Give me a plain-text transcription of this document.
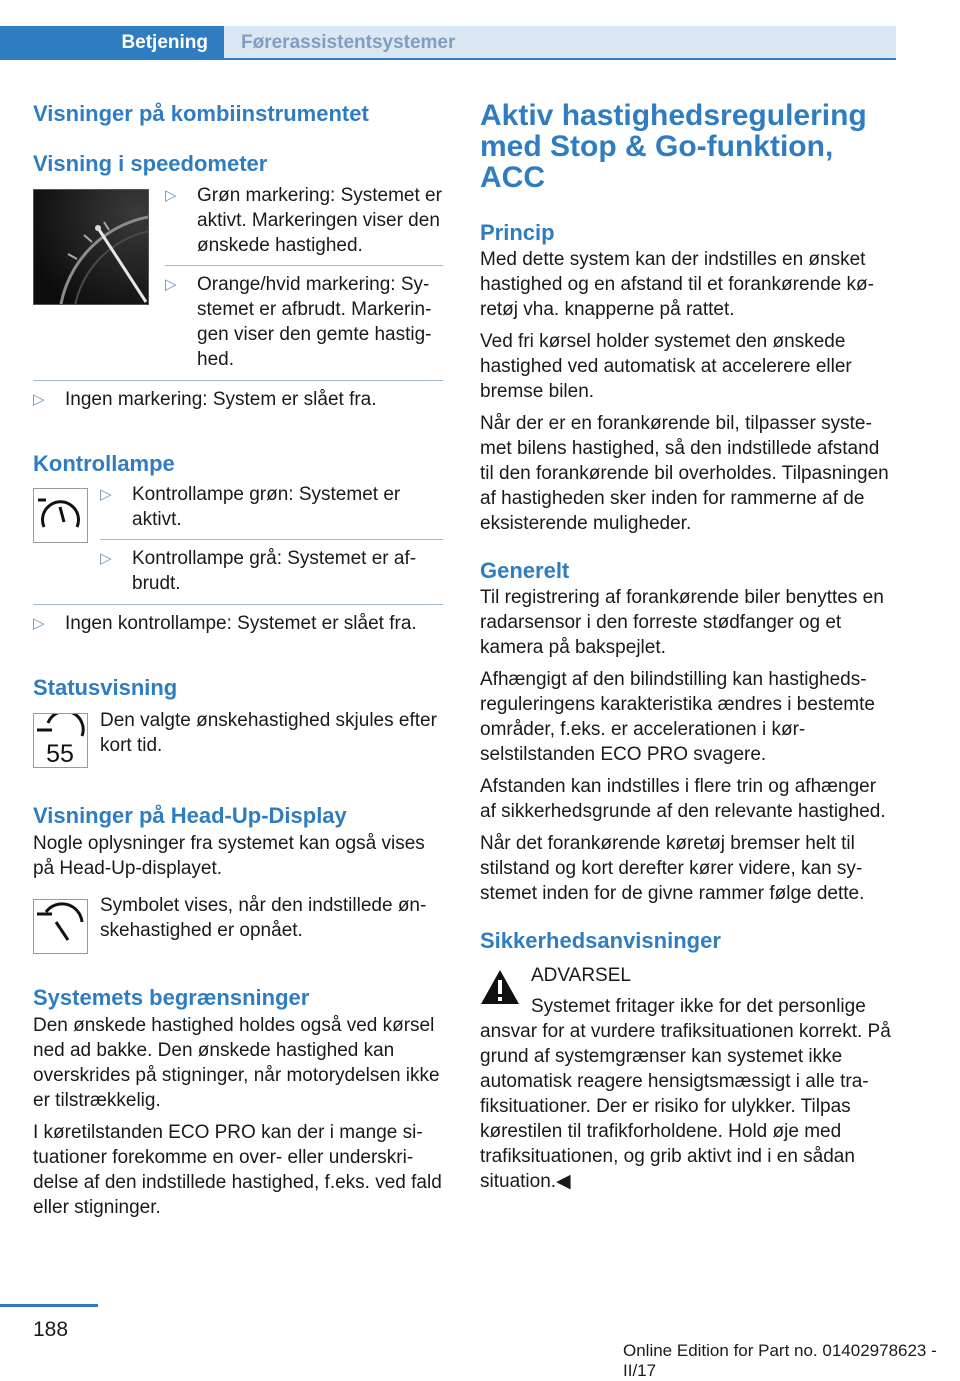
Betjening	Førerassistentsystemer
Visninger på kombiinstrumentet
Visning i speedometer
▷ Grøn markering: Systemet er aktivt. Markeringen viser den ønskede hastighed.
▷ Orange/hvid markering: Systemet er afbrudt. Markeringen viser den gemte hastighed.
▷ Ingen markering: System er slået fra.
Kontrollampe
▷ Kontrollampe grøn: Systemet er aktivt.
▷ Kontrollampe grå: Systemet er afbrudt.
▷ Ingen kontrollampe: Systemet er slået fra.
Statusvisning
55

Den valgte ønskehastighed skjules efter kort tid.

Visninger på Head-Up-Display

Nogle oplysninger fra systemet kan også vises på Head-Up-displayet.

Symbolet vises, når den indstillede ønskehastighed er opnået.

Systemets begrænsninger

Den ønskede hastighed holdes også ved kørsel ned ad bakke. Den ønskede hastighed kan overskrides på stigninger, når motorydelsen ikke er tilstrækkelig.

I køretilstanden ECO PRO kan der i mange situationer forekomme en over- eller underskridelse af den indstillede hastighed, f.eks. ved fald eller stigninger.

Aktiv hastighedsregulering med Stop & Go-funktion, ACC
Princip

Med dette system kan der indstilles en ønsket hastighed og en afstand til et forankørende køretøj vha. knapperne på rattet.

Ved fri kørsel holder systemet den ønskede hastighed ved automatisk at accelerere eller bremse bilen.

Når der er en forankørende bil, tilpasser systemet bilens hastighed, så den indstillede afstand til den forankørende bil overholdes. Tilpasningen af hastigheden sker inden for rammerne af de eksisterende muligheder.

Generelt

Til registrering af forankørende biler benyttes en radarsensor i den forreste stødfanger og et kamera på bakspejlet.

Afhængigt af den bilindstilling kan hastighedsreguleringens karakteristika ændres i bestemte områder, f.eks. er accelerationen i kørselstilstanden ECO PRO svagere.

Afstanden kan indstilles i flere trin og afhænger af sikkerhedsgrunde af den relevante hastighed.

Når det forankørende køretøj bremser helt til stilstand og kort derefter kører videre, kan systemet inden for de givne rammer følge dette.

Sikkerhedsanvisninger

ADVARSEL

Systemet fritager ikke for det personlige

ansvar for at vurdere trafiksituationen korrekt. På grund af systemgrænser kan systemet ikke automatisk reagere hensigtsmæssigt i alle trafiksituationer. Der er risiko for ulykker. Tilpas kørestilen til trafikforholdene. Hold øje med trafiksituationen, og grib aktivt ind i en sådan situation.◀

188
Online Edition for Part no. 01402978623 - II/17
